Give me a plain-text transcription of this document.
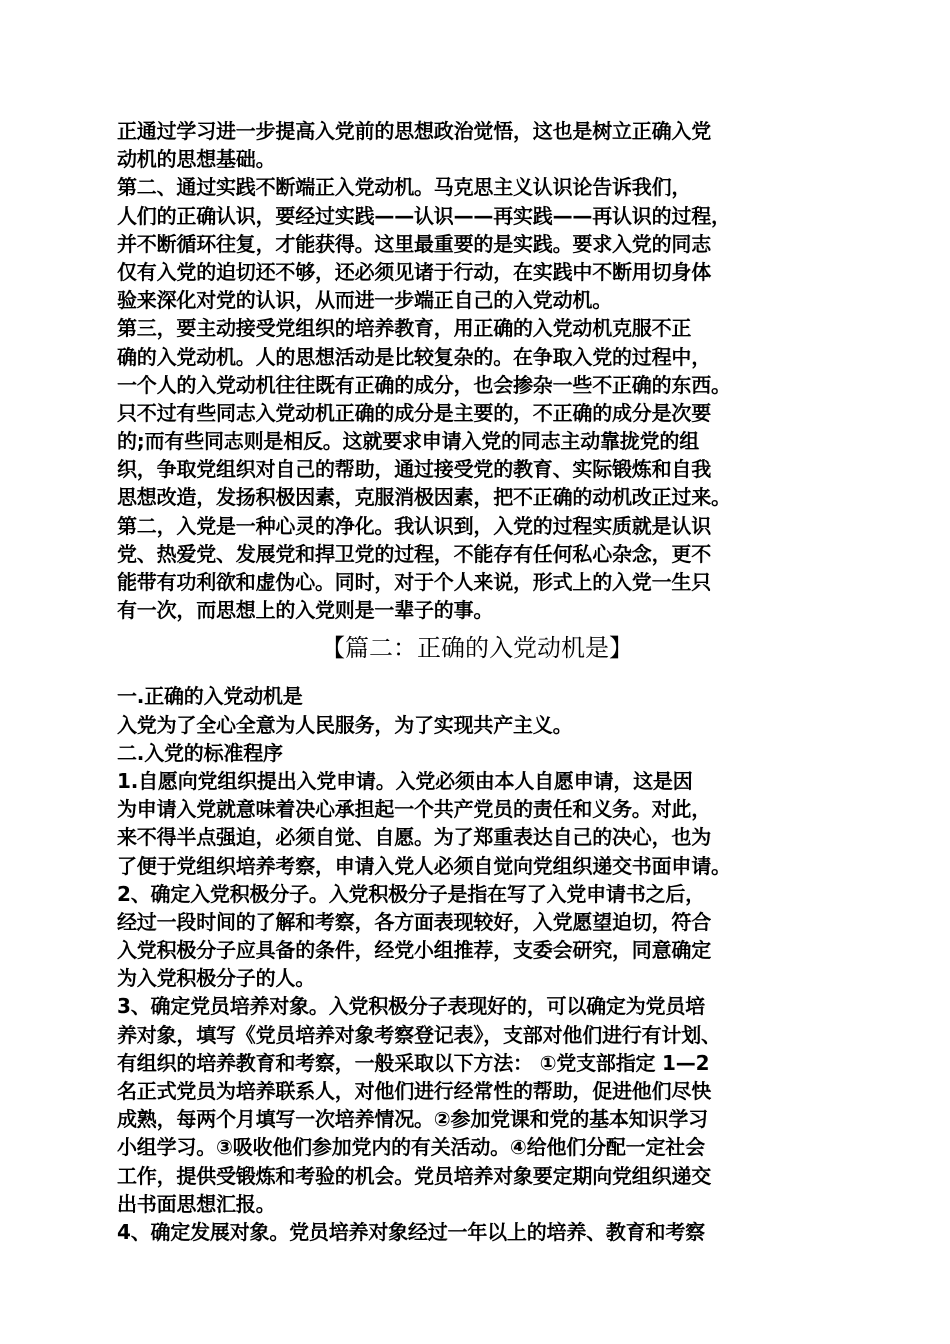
正通过学习进一步提高入党前的思想政治觉悟，这也是树立正确入党
动机的思想基础。
第二、通过实践不断端正入党动机。马克思主义认识论告诉我们，
人们的正确认识，要经过实践——认识——再实践——再认识的过程，
并不断循环往复，才能获得。这里最重要的是实践。要求入党的同志
仅有入党的迫切还不够，还必须见诸于行动，在实践中不断用切身体
验来深化对党的认识，从而进一步端正自己的入党动机。
第三，要主动接受党组织的培养教育，用正确的入党动机克服不正
确的入党动机。人的思想活动是比较复杂的。在争取入党的过程中，
一个人的入党动机往往既有正确的成分，也会掺杂一些不正确的东西。
只不过有些同志入党动机正确的成分是主要的，不正确的成分是次要
的;而有些同志则是相反。这就要求申请入党的同志主动靠拢党的组
织，争取党组织对自己的帮助，通过接受党的教育、实际锻炼和自我
思想改造，发扬积极因素，克服消极因素，把不正确的动机改正过来。
第二，入党是一种心灵的净化。我认识到，入党的过程实质就是认识
党、热爱党、发展党和捍卫党的过程，不能存有任何私心杂念，更不
能带有功利欲和虚伪心。同时，对于个人来说，形式上的入党一生只
有一次，而思想上的入党则是一辈子的事。
【篇二：正确的入党动机是】
一.正确的入党动机是
入党为了全心全意为人民服务，为了实现共产主义。
二.入党的标准程序
1.自愿向党组织提出入党申请。入党必须由本人自愿申请，这是因
为申请入党就意味着决心承担起一个共产党员的责任和义务。对此，
来不得半点强迫，必须自觉、自愿。为了郑重表达自己的决心，也为
了便于党组织培养考察，申请入党人必须自觉向党组织递交书面申请。
2、确定入党积极分子。入党积极分子是指在写了入党申请书之后，
经过一段时间的了解和考察，各方面表现较好，入党愿望迫切，符合
入党积极分子应具备的条件，经党小组推荐，支委会研究，同意确定
为入党积极分子的人。
3、确定党员培养对象。入党积极分子表现好的，可以确定为党员培
养对象，填写《党员培养对象考察登记表》，支部对他们进行有计划、
有组织的培养教育和考察，一般采取以下方法： ①党支部指定 1—2
名正式党员为培养联系人，对他们进行经常性的帮助，促进他们尽快
成熟，每两个月填写一次培养情况。②参加党课和党的基本知识学习
小组学习。③吸收他们参加党内的有关活动。④给他们分配一定社会
工作，提供受锻炼和考验的机会。党员培养对象要定期向党组织递交
出书面思想汇报。
4、确定发展对象。党员培养对象经过一年以上的培养、教育和考察
